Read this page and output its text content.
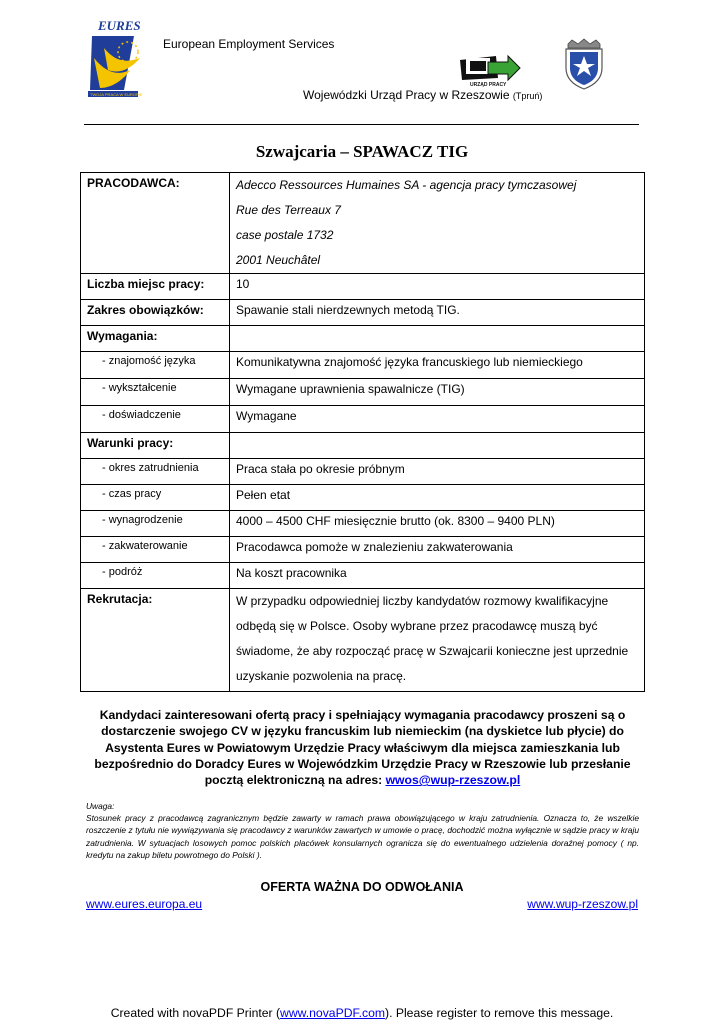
EURES
TWOJA PRACA W EUROPIE
European Employment Services
URZĄD PRACY
Wojewódzki Urząd Pracy w Rzeszowie (Tpruń)
Szwajcaria – SPAWACZ TIG
PRACODAWCA:	Adecco Ressources Humaines SA - agencja pracy tymczasowej
Rue des Terreaux 7
case postale 1732
2001 Neuchâtel

Liczba miejsc pracy:	10
Zakres obowiązków:	Spawanie stali nierdzewnych metodą TIG.
Wymagania:	
- znajomość języka	Komunikatywna znajomość języka francuskiego lub niemieckiego
- wykształcenie	Wymagane uprawnienia spawalnicze (TIG)
- doświadczenie	Wymagane
Warunki pracy:	
- okres zatrudnienia	Praca stała po okresie próbnym
- czas pracy	Pełen etat
- wynagrodzenie	4000 – 4500 CHF miesięcznie brutto (ok. 8300 – 9400 PLN)
- zakwaterowanie	Pracodawca pomoże w znalezieniu zakwaterowania
- podróż	Na koszt pracownika
Rekrutacja:	W przypadku odpowiedniej liczby kandydatów rozmowy kwalifikacyjne
odbędą się w Polsce. Osoby wybrane przez pracodawcę muszą być
świadome, że aby rozpocząć pracę w Szwajcarii konieczne jest uprzednie
uzyskanie pozwolenia na pracę.
Kandydaci zainteresowani ofertą pracy i spełniający wymagania pracodawcy proszeni są o dostarczenie swojego CV w języku francuskim lub niemieckim (na dyskietce lub płycie) do Asystenta Eures w Powiatowym Urzędzie Pracy właściwym dla miejsca zamieszkania lub bezpośrednio do Doradcy Eures w Wojewódzkim Urzędzie Pracy w Rzeszowie lub przesłanie pocztą elektroniczną na adres: wwos@wup-rzeszow.pl
Uwaga:
Stosunek pracy z pracodawcą zagranicznym będzie zawarty w ramach prawa obowiązującego w kraju zatrudnienia. Oznacza to, że wszelkie roszczenie z tytułu nie wywiązywania się pracodawcy z warunków zawartych w umowie o pracę, dochodzić można wyłącznie w sądzie pracy w kraju zatrudnienia. W sytuacjach losowych pomoc polskich placówek konsularnych ogranicza się do ewentualnego udzielenia doraźnej pomocy ( np. kredytu na zakup biletu powrotnego do Polski ).
OFERTA WAŻNA DO ODWOŁANIA
www.eures.europa.eu	www.wup-rzeszow.pl
Created with novaPDF Printer (www.novaPDF.com). Please register to remove this message.
